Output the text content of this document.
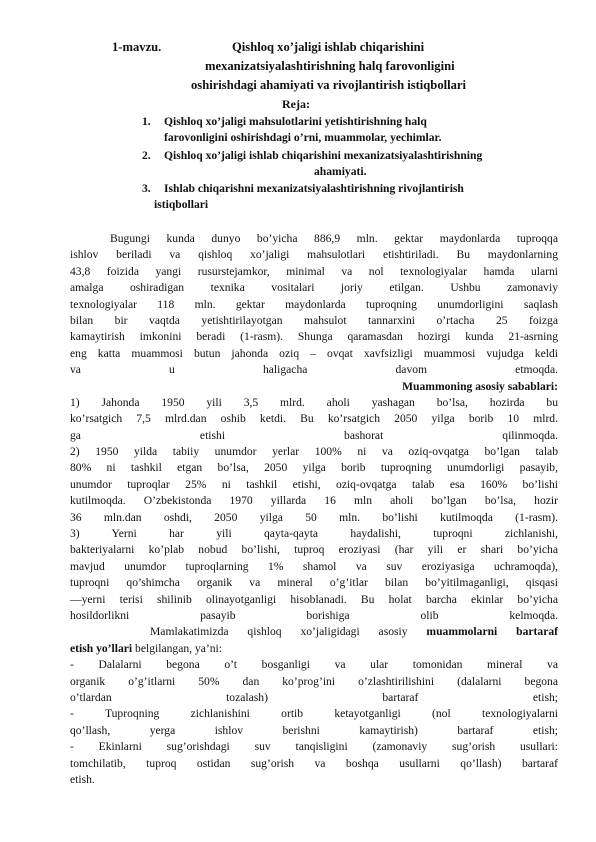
1-mavzu.	Qishloq xo’jaligi ishlab chiqarishini
mexanizatsiyalashtirishning halq farovonligini
oshirishdagi ahamiyati va rivojlantirish istiqbollari
Reja:
1. Qishloq xo’jaligi mahsulotlarini yetishtirishning halq
farovonligini oshirishdagi o’rni, muammolar, yechimlar.
2. Qishloq xo’jaligi ishlab chiqarishini mexanizatsiyalashtirishning
ahamiyati.
3. Ishlab chiqarishni mexanizatsiyalashtirishning rivojlantirish
istiqbollari
Bugungi kunda dunyo bo’yicha 886,9 mln. gektar maydonlarda tuproqqa
ishlov beriladi va qishloq xo’jaligi mahsulotlari etishtiriladi. Bu maydonlarning
43,8 foizida yangi rusurstejamkor, minimal va nol texnologiyalar hamda ularni
amalga oshiradigan texnika vositalari joriy etilgan. Ushbu zamonaviy
texnologiyalar 118 mln. gektar maydonlarda tuproqning unumdorligini saqlash
bilan bir vaqtda yetishtirilayotgan mahsulot tannarxini o’rtacha 25 foizga
kamaytirish imkonini beradi (1-rasm). Shunga qaramasdan hozirgi kunda 21-asrning
eng katta muammosi butun jahonda oziq – ovqat xavfsizligi muammosi vujudga keldi
va u haligacha davom etmoqda.
Muammoning asosiy sabablari:
1) Jahonda 1950 yili 3,5 mlrd. aholi yashagan bo’lsa, hozirda bu
ko’rsatgich 7,5 mlrd.dan oshib ketdi. Bu ko’rsatgich 2050 yilga borib 10 mlrd.
ga etishi bashorat qilinmoqda.
2) 1950 yilda tabiiy unumdor yerlar 100% ni va oziq-ovqatga bo’lgan talab
80% ni tashkil etgan bo’lsa, 2050 yilga borib tuproqning unumdorligi pasayib,
unumdor tuproqlar 25% ni tashkil etishi, oziq-ovqatga talab esa 160% bo’lishi
kutilmoqda. O’zbekistonda 1970 yillarda 16 mln aholi bo’lgan bo’lsa, hozir
36 mln.dan oshdi, 2050 yilga 50 mln. bo’lishi kutilmoqda (1-rasm).
3) Yerni har yili qayta-qayta haydalishi, tuproqni zichlanishi,
bakteriyalarni ko’plab nobud bo’lishi, tuproq eroziyasi (har yili er shari bo’yicha
mavjud unumdor tuproqlarning 1% shamol va suv eroziyasiga uchramoqda),
tuproqni qo’shimcha organik va mineral o’g’itlar bilan bo’yitilmaganligi, qisqasi
―yerni terisi shilinib olinayotganligi hisoblanadi. Bu holat barcha ekinlar bo’yicha
hosildorlikni pasayib borishiga olib kelmoqda.
Mamlakatimizda qishloq xo’jaligidagi asosiy muammolarni bartaraf
etish yo’llari belgilangan, ya’ni:
- Dalalarni begona o’t bosganligi va ular tomonidan mineral va
organik o’g’itlarni 50% dan ko’prog’ini o’zlashtirilishini (dalalarni begona
o’tlardan tozalash) bartaraf etish;
- Tuproqning zichlanishini ortib ketayotganligi (nol texnologiyalarni
qo’llash, yerga ishlov berishni kamaytirish) bartaraf etish;
- Ekinlarni sug’orishdagi suv tanqisligini (zamonaviy sug’orish usullari:
tomchilatib, tuproq ostidan sug’orish va boshqa usullarni qo’llash) bartaraf
etish.
